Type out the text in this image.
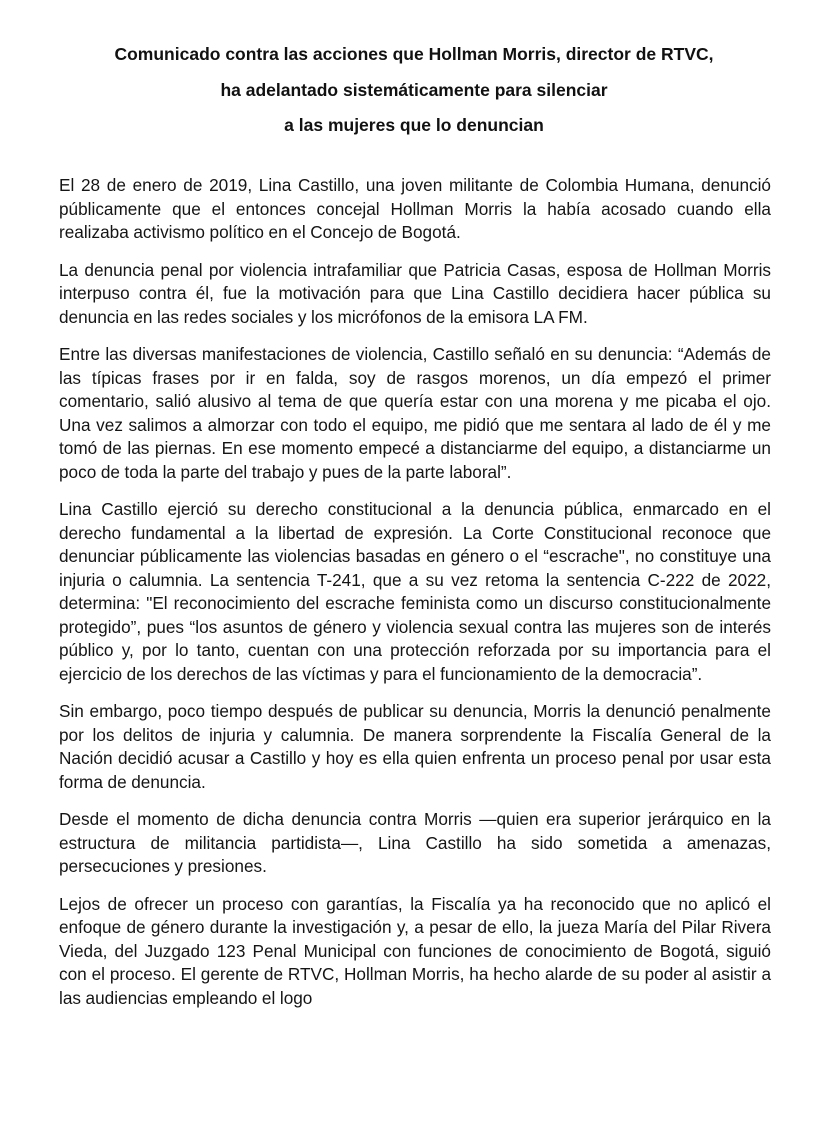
Comunicado contra las acciones que Hollman Morris, director de RTVC,
ha adelantado sistemáticamente para silenciar
a las mujeres que lo denuncian

El 28 de enero de 2019, Lina Castillo, una joven militante de Colombia Humana, denunció públicamente que el entonces concejal Hollman Morris la había acosado cuando ella realizaba activismo político en el Concejo de Bogotá.

La denuncia penal por violencia intrafamiliar que Patricia Casas, esposa de Hollman Morris interpuso contra él, fue la motivación para que Lina Castillo decidiera hacer pública su denuncia en las redes sociales y los micrófonos de la emisora LA FM.

Entre las diversas manifestaciones de violencia, Castillo señaló en su denuncia: “Además de las típicas frases por ir en falda, soy de rasgos morenos, un día empezó el primer comentario, salió alusivo al tema de que quería estar con una morena y me picaba el ojo. Una vez salimos a almorzar con todo el equipo, me pidió que me sentara al lado de él y me tomó de las piernas. En ese momento empecé a distanciarme del equipo, a distanciarme un poco de toda la parte del trabajo y pues de la parte laboral”.

Lina Castillo ejerció su derecho constitucional a la denuncia pública, enmarcado en el derecho fundamental a la libertad de expresión. La Corte Constitucional reconoce que denunciar públicamente las violencias basadas en género o el “escrache", no constituye una injuria o calumnia. La sentencia T-241, que a su vez retoma la sentencia C-222 de 2022, determina: "El reconocimiento del escrache feminista como un discurso constitucionalmente protegido”, pues “los asuntos de género y violencia sexual contra las mujeres son de interés público y, por lo tanto, cuentan con una protección reforzada por su importancia para el ejercicio de los derechos de las víctimas y para el funcionamiento de la democracia”.

Sin embargo, poco tiempo después de publicar su denuncia, Morris la denunció penalmente por los delitos de injuria y calumnia. De manera sorprendente la Fiscalía General de la Nación decidió acusar a Castillo y hoy es ella quien enfrenta un proceso penal por usar esta forma de denuncia.

Desde el momento de dicha denuncia contra Morris —quien era superior jerárquico en la estructura de militancia partidista—, Lina Castillo ha sido sometida a amenazas, persecuciones y presiones.

Lejos de ofrecer un proceso con garantías, la Fiscalía ya ha reconocido que no aplicó el enfoque de género durante la investigación y, a pesar de ello, la jueza María del Pilar Rivera Vieda, del Juzgado 123 Penal Municipal con funciones de conocimiento de Bogotá, siguió con el proceso. El gerente de RTVC, Hollman Morris, ha hecho alarde de su poder al asistir a las audiencias empleando el logo
